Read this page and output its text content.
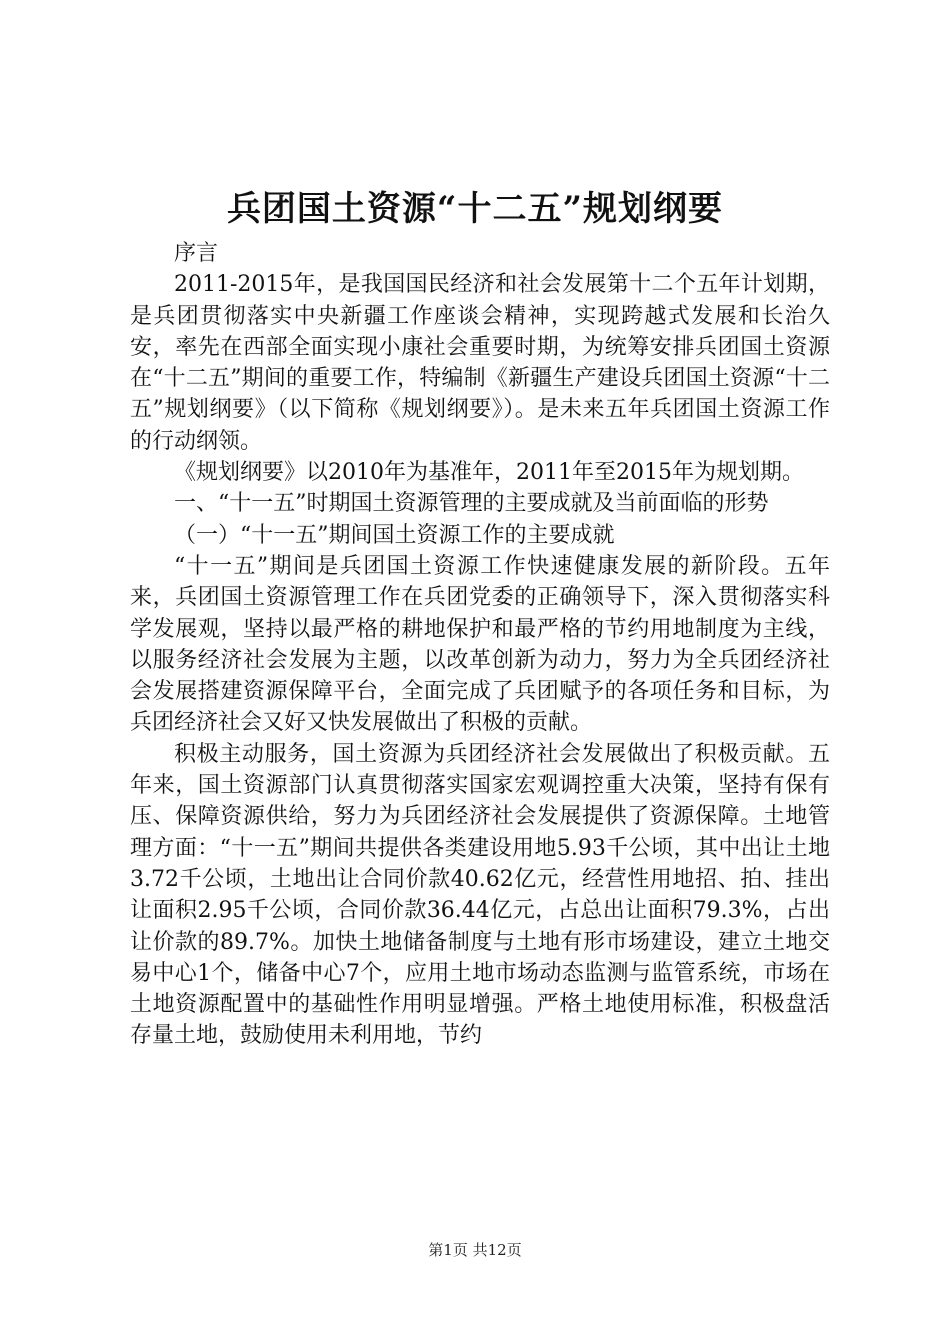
兵团国土资源“十二五”规划纲要

序言

2011-2015年，是我国国民经济和社会发展第十二个五年计划期，是兵团贯彻落实中央新疆工作座谈会精神，实现跨越式发展和长治久安，率先在西部全面实现小康社会重要时期，为统筹安排兵团国土资源在“十二五”期间的重要工作，特编制《新疆生产建设兵团国土资源“十二五”规划纲要》（以下简称《规划纲要》）。是未来五年兵团国土资源工作的行动纲领。

《规划纲要》以2010年为基准年，2011年至2015年为规划期。

一、“十一五”时期国土资源管理的主要成就及当前面临的形势

（一）“十一五”期间国土资源工作的主要成就

“十一五”期间是兵团国土资源工作快速健康发展的新阶段。五年来，兵团国土资源管理工作在兵团党委的正确领导下，深入贯彻落实科学发展观，坚持以最严格的耕地保护和最严格的节约用地制度为主线，以服务经济社会发展为主题，以改革创新为动力，努力为全兵团经济社会发展搭建资源保障平台，全面完成了兵团赋予的各项任务和目标，为兵团经济社会又好又快发展做出了积极的贡献。

积极主动服务，国土资源为兵团经济社会发展做出了积极贡献。五年来，国土资源部门认真贯彻落实国家宏观调控重大决策，坚持有保有压、保障资源供给，努力为兵团经济社会发展提供了资源保障。土地管理方面：“十一五”期间共提供各类建设用地5.93千公顷，其中出让土地3.72千公顷，土地出让合同价款40.62亿元，经营性用地招、拍、挂出让面积2.95千公顷，合同价款36.44亿元，占总出让面积79.3%，占出让价款的89.7%。加快土地储备制度与土地有形市场建设，建立土地交易中心1个，储备中心7个，应用土地市场动态监测与监管系统，市场在土地资源配置中的基础性作用明显增强。严格土地使用标准，积极盘活存量土地，鼓励使用未利用地，节约

第1页 共12页
